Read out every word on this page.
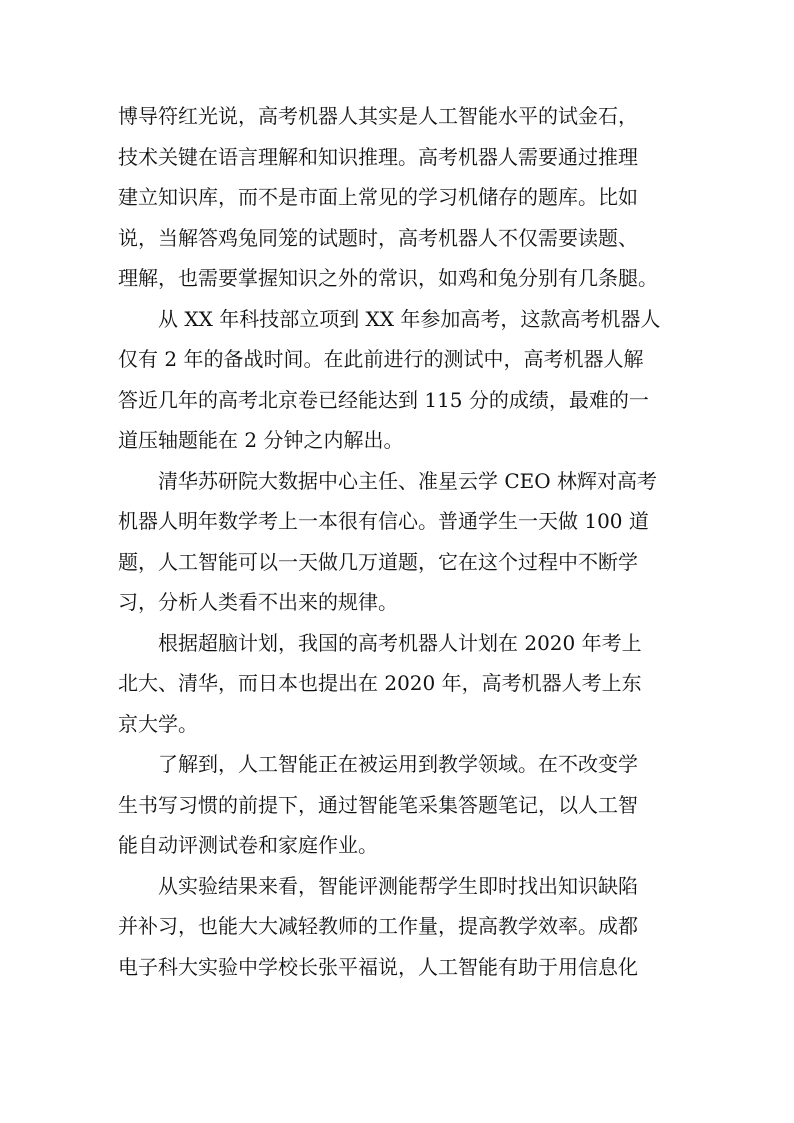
博导符红光说，高考机器人其实是人工智能水平的试金石，
技术关键在语言理解和知识推理。高考机器人需要通过推理
建立知识库，而不是市面上常见的学习机储存的题库。比如
说，当解答鸡兔同笼的试题时，高考机器人不仅需要读题、
理解，也需要掌握知识之外的常识，如鸡和兔分别有几条腿。
从 XX 年科技部立项到 XX 年参加高考，这款高考机器人
仅有 2 年的备战时间。在此前进行的测试中，高考机器人解
答近几年的高考北京卷已经能达到 115 分的成绩，最难的一
道压轴题能在 2 分钟之内解出。
清华苏研院大数据中心主任、准星云学 CEO 林辉对高考
机器人明年数学考上一本很有信心。普通学生一天做 100 道
题，人工智能可以一天做几万道题，它在这个过程中不断学
习，分析人类看不出来的规律。
根据超脑计划，我国的高考机器人计划在 2020 年考上
北大、清华，而日本也提出在 2020 年，高考机器人考上东
京大学。
了解到，人工智能正在被运用到教学领域。在不改变学
生书写习惯的前提下，通过智能笔采集答题笔记，以人工智
能自动评测试卷和家庭作业。
从实验结果来看，智能评测能帮学生即时找出知识缺陷
并补习，也能大大减轻教师的工作量，提高教学效率。成都
电子科大实验中学校长张平福说，人工智能有助于用信息化
